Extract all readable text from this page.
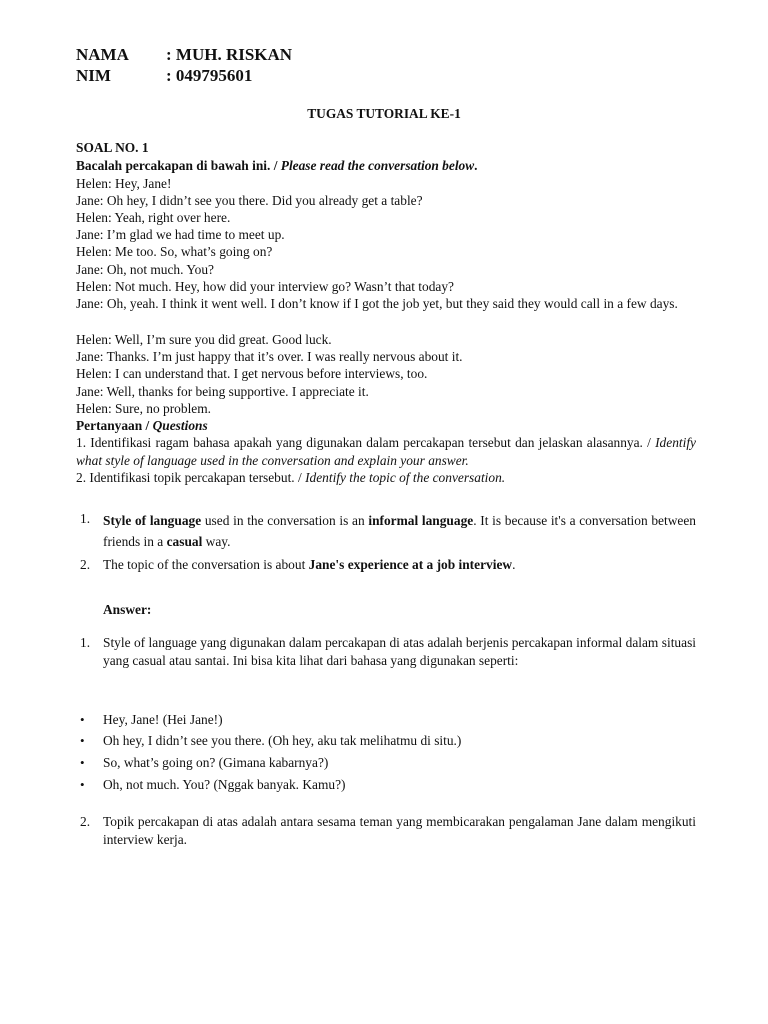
NAMA : MUH. RISKAN
NIM	: 049795601
TUGAS TUTORIAL KE-1
SOAL NO. 1
Bacalah percakapan di bawah ini. / Please read the conversation below.
Helen: Hey, Jane!
Jane: Oh hey, I didn’t see you there. Did you already get a table?
Helen: Yeah, right over here.
Jane: I’m glad we had time to meet up.
Helen: Me too. So, what’s going on?
Jane: Oh, not much. You?
Helen: Not much. Hey, how did your interview go? Wasn’t that today?
Jane: Oh, yeah. I think it went well. I don’t know if I got the job yet, but they said they would call in a few days.
Helen: Well, I’m sure you did great. Good luck.
Jane: Thanks. I’m just happy that it’s over. I was really nervous about it.
Helen: I can understand that. I get nervous before interviews, too.
Jane: Well, thanks for being supportive. I appreciate it.
Helen: Sure, no problem.
Pertanyaan / Questions
1. Identifikasi ragam bahasa apakah yang digunakan dalam percakapan tersebut dan jelaskan alasannya. / Identify what style of language used in the conversation and explain your answer.
2. Identifikasi topik percakapan tersebut. / Identify the topic of the conversation.
1. Style of language used in the conversation is an informal language. It is because it's a conversation between friends in a casual way.
2. The topic of the conversation is about Jane's experience at a job interview.
Answer:
1. Style of language yang digunakan dalam percakapan di atas adalah berjenis percakapan informal dalam situasi yang casual atau santai. Ini bisa kita lihat dari bahasa yang digunakan seperti:
• Hey, Jane! (Hei Jane!)
• Oh hey, I didn’t see you there. (Oh hey, aku tak melihatmu di situ.)
• So, what’s going on? (Gimana kabarnya?)
• Oh, not much. You? (Nggak banyak. Kamu?)
2. Topik percakapan di atas adalah antara sesama teman yang membicarakan pengalaman Jane dalam mengikuti interview kerja.
